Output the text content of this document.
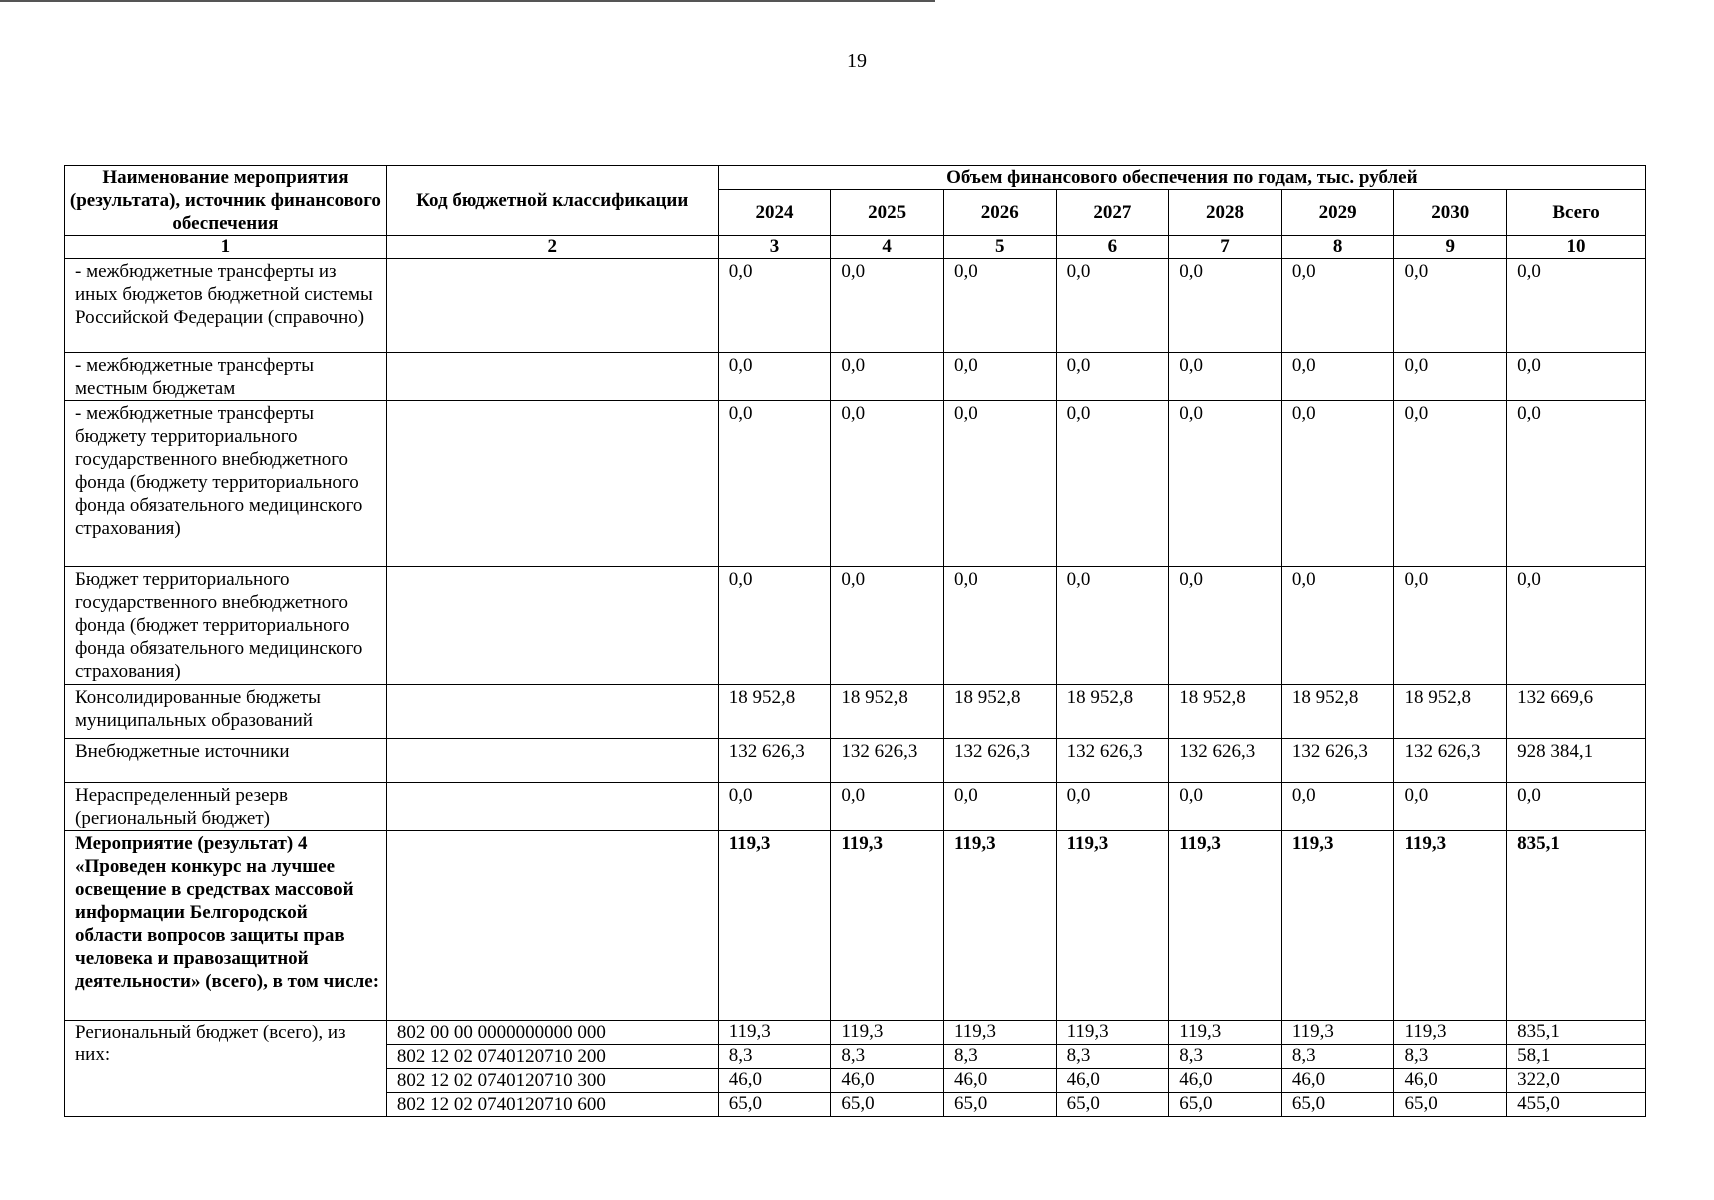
19
Наименование мероприятия (результата), источник финансового обеспечения	Код бюджетной классификации	Объем финансового обеспечения по годам, тыс. рублей							
		2024	2025	2026	2027	2028	2029	2030	Всего
1	2	3	4	5	6	7	8	9	10
- межбюджетные трансферты из иных бюджетов бюджетной системы Российской Федерации (справочно)		0,0	0,0	0,0	0,0	0,0	0,0	0,0	0,0
- межбюджетные трансферты местным бюджетам		0,0	0,0	0,0	0,0	0,0	0,0	0,0	0,0
- межбюджетные трансферты бюджету территориального государственного внебюджетного фонда (бюджету территориального фонда обязательного медицинского страхования)		0,0	0,0	0,0	0,0	0,0	0,0	0,0	0,0
Бюджет территориального государственного внебюджетного фонда (бюджет территориального фонда обязательного медицинского страхования)		0,0	0,0	0,0	0,0	0,0	0,0	0,0	0,0
Консолидированные бюджеты муниципальных образований		18 952,8	18 952,8	18 952,8	18 952,8	18 952,8	18 952,8	18 952,8	132 669,6
Внебюджетные источники		132 626,3	132 626,3	132 626,3	132 626,3	132 626,3	132 626,3	132 626,3	928 384,1
Нераспределенный резерв (региональный бюджет)		0,0	0,0	0,0	0,0	0,0	0,0	0,0	0,0
Мероприятие (результат) 4 «Проведен конкурс на лучшее освещение в средствах массовой информации Белгородской области вопросов защиты прав человека и правозащитной деятельности» (всего), в том числе:		119,3	119,3	119,3	119,3	119,3	119,3	119,3	835,1
Региональный бюджет (всего), из них:	802 00 00 0000000000 000	119,3	119,3	119,3	119,3	119,3	119,3	119,3	835,1
	802 12 02 0740120710 200	8,3	8,3	8,3	8,3	8,3	8,3	8,3	58,1
	802 12 02 0740120710 300	46,0	46,0	46,0	46,0	46,0	46,0	46,0	322,0
	802 12 02 0740120710 600	65,0	65,0	65,0	65,0	65,0	65,0	65,0	455,0
